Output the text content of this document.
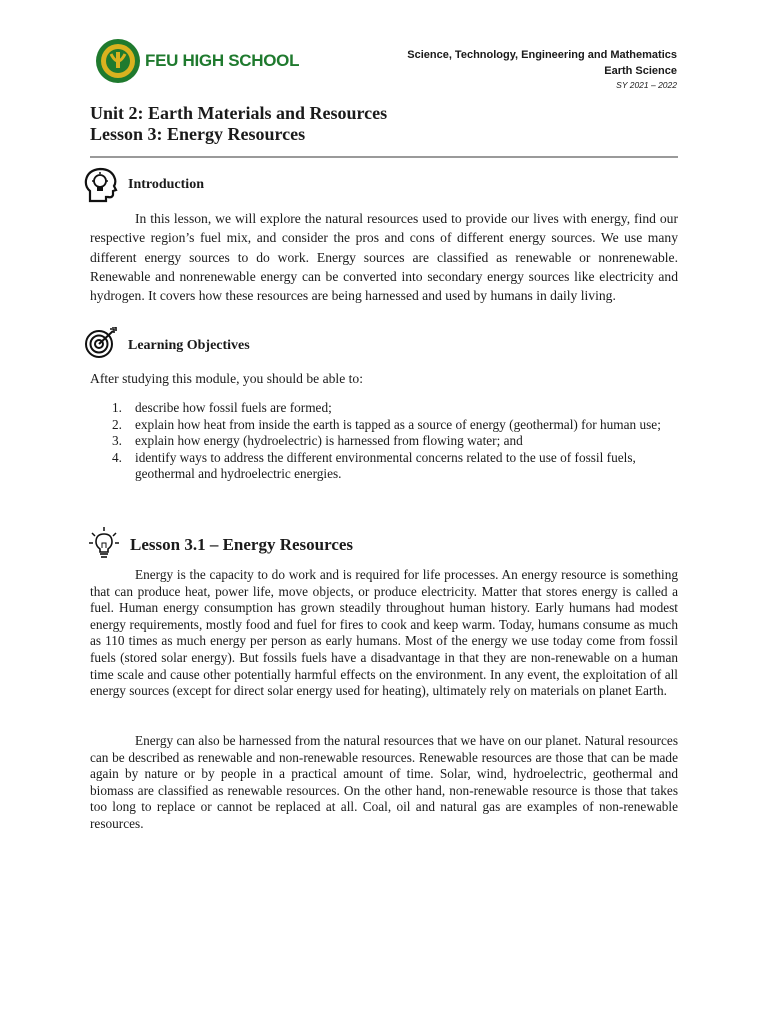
FEU HIGH SCHOOL	Science, Technology, Engineering and Mathematics
Earth Science
SY 2021 – 2022
Unit 2: Earth Materials and Resources
Lesson 3: Energy Resources
Introduction
In this lesson, we will explore the natural resources used to provide our lives with energy, find our respective region’s fuel mix, and consider the pros and cons of different energy sources. We use many different energy sources to do work. Energy sources are classified as renewable or nonrenewable. Renewable and nonrenewable energy can be converted into secondary energy sources like electricity and hydrogen. It covers how these resources are being harnessed and used by humans in daily living.
Learning Objectives
After studying this module, you should be able to:
1. describe how fossil fuels are formed;
2. explain how heat from inside the earth is tapped as a source of energy (geothermal) for human use;
3. explain how energy (hydroelectric) is harnessed from flowing water; and
4. identify ways to address the different environmental concerns related to the use of fossil fuels, geothermal and hydroelectric energies.
Lesson 3.1 – Energy Resources
Energy is the capacity to do work and is required for life processes. An energy resource is something that can produce heat, power life, move objects, or produce electricity. Matter that stores energy is called a fuel. Human energy consumption has grown steadily throughout human history. Early humans had modest energy requirements, mostly food and fuel for fires to cook and keep warm. Today, humans consume as much as 110 times as much energy per person as early humans. Most of the energy we use today come from fossil fuels (stored solar energy). But fossils fuels have a disadvantage in that they are non-renewable on a human time scale and cause other potentially harmful effects on the environment. In any event, the exploitation of all energy sources (except for direct solar energy used for heating), ultimately rely on materials on planet Earth.
Energy can also be harnessed from the natural resources that we have on our planet. Natural resources can be described as renewable and non-renewable resources. Renewable resources are those that can be made again by nature or by people in a practical amount of time. Solar, wind, hydroelectric, geothermal and biomass are classified as renewable resources. On the other hand, non-renewable resource is those that takes too long to replace or cannot be replaced at all. Coal, oil and natural gas are examples of non-renewable resources.
